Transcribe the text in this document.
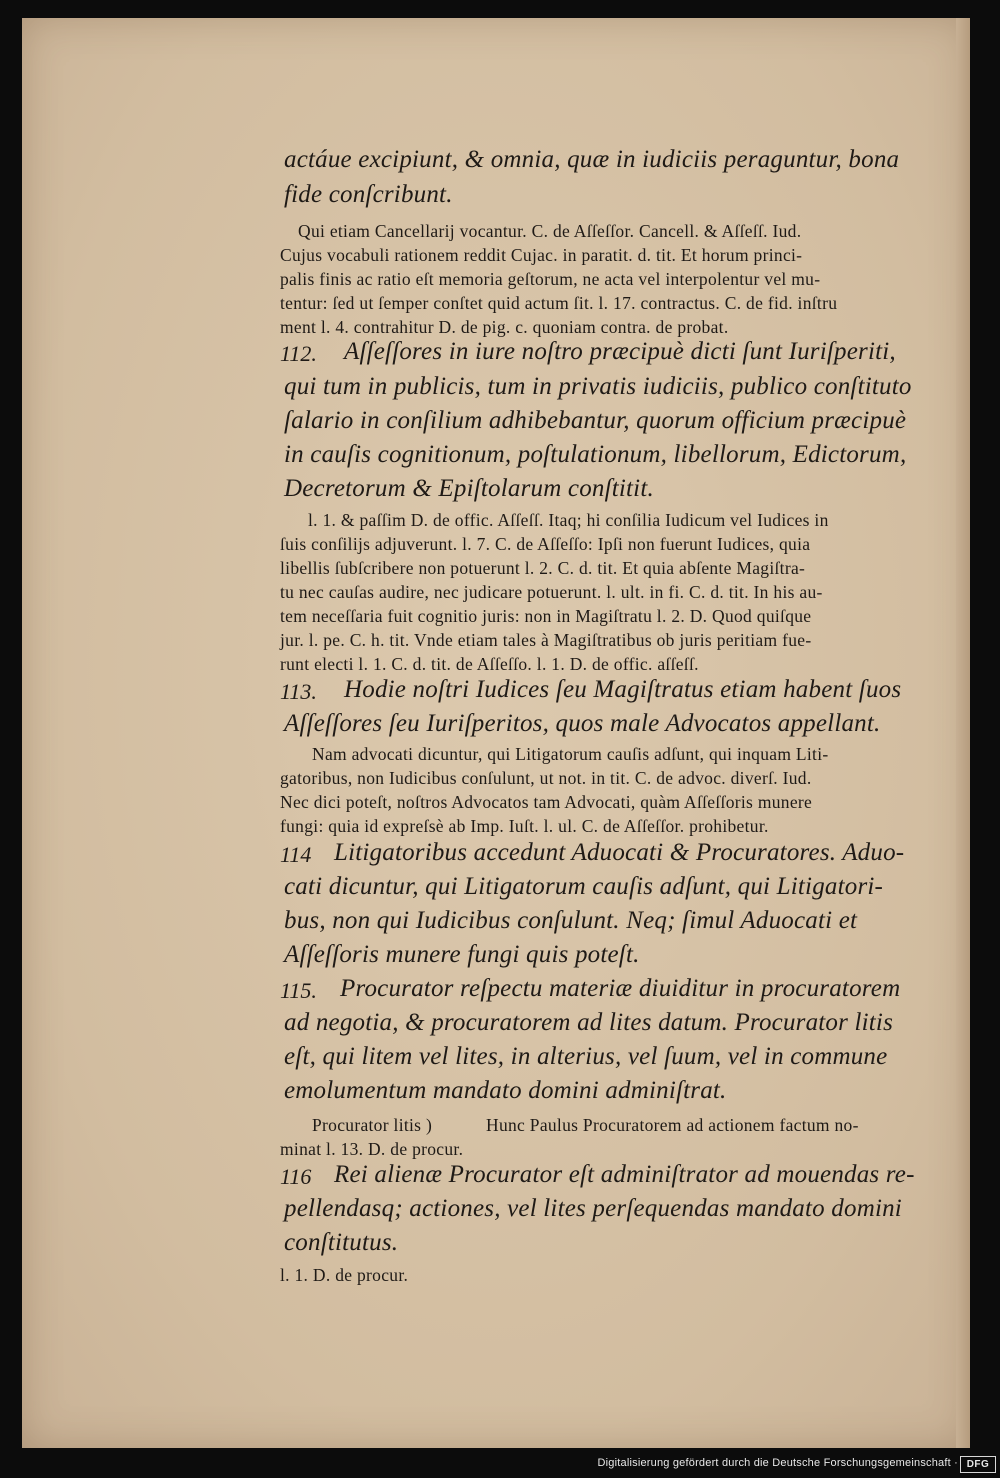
actáue excipiunt, & omnia, quæ in iudiciis peraguntur, bona
fide conſcribunt.
Qui etiam Cancellarij vocantur. C. de Aſſeſſor. Cancell. & Aſſeſſ. Iud.
Cujus vocabuli rationem reddit Cujac. in paratit. d. tit. Et horum princi-
palis finis ac ratio eſt memoria geſtorum, ne acta vel interpolentur vel mu-
tentur: ſed ut ſemper conſtet quid actum ſit. l. 17. contractus. C. de fid. inſtru
ment l. 4. contrahitur D. de pig. c. quoniam contra. de probat.
112. Aſſeſſores in iure noſtro præcipuè dicti ſunt Iuriſperiti,
qui tum in publicis, tum in privatis iudiciis, publico conſtituto
ſalario in conſilium adhibebantur, quorum officium præcipuè
in cauſis cognitionum, poſtulationum, libellorum, Edictorum,
Decretorum & Epiſtolarum conſtitit.
l. 1. & paſſim D. de offic. Aſſeſſ. Itaq; hi conſilia Iudicum vel Iudices in
ſuis conſilijs adjuverunt. l. 7. C. de Aſſeſſo: Ipſi non fuerunt Iudices, quia
libellis ſubſcribere non potuerunt l. 2. C. d. tit. Et quia abſente Magiſtra-
tu nec cauſas audire, nec judicare potuerunt. l. ult. in fi. C. d. tit. In his au-
tem neceſſaria fuit cognitio juris: non in Magiſtratu l. 2. D. Quod quiſque
jur. l. pe. C. h. tit. Vnde etiam tales à Magiſtratibus ob juris peritiam fue-
runt electi l. 1. C. d. tit. de Aſſeſſo. l. 1. D. de offic. aſſeſſ.
113. Hodie noſtri Iudices ſeu Magiſtratus etiam habent ſuos
Aſſeſſores ſeu Iuriſperitos, quos male Advocatos appellant.
Nam advocati dicuntur, qui Litigatorum cauſis adſunt, qui inquam Liti-
gatoribus, non Iudicibus conſulunt, ut not. in tit. C. de advoc. diverſ. Iud.
Nec dici poteſt, noſtros Advocatos tam Advocati, quàm Aſſeſſoris munere
fungi: quia id expreſsè ab Imp. Iuſt. l. ul. C. de Aſſeſſor. prohibetur.
114 Litigatoribus accedunt Aduocati & Procuratores. Aduo-
cati dicuntur, qui Litigatorum cauſis adſunt, qui Litigatori-
bus, non qui Iudicibus conſulunt. Neq; ſimul Aduocati et
Aſſeſſoris munere fungi quis poteſt.
115. Procurator reſpectu materiæ diuiditur in procuratorem
ad negotia, & procuratorem ad lites datum. Procurator litis
eſt, qui litem vel lites, in alterius, vel ſuum, vel in commune
emolumentum mandato domini adminiſtrat.
Procurator litis )	Hunc Paulus Procuratorem ad actionem factum no-
minat l. 13. D. de procur.
116 Rei alienæ Procurator eſt adminiſtrator ad mouendas re-
pellendasq; actiones, vel lites perſequendas mandato domini
conſtitutus.
l. 1. D. de procur.
Digitalisierung gefördert durch die Deutsche Forschungsgemeinschaft · DFG
